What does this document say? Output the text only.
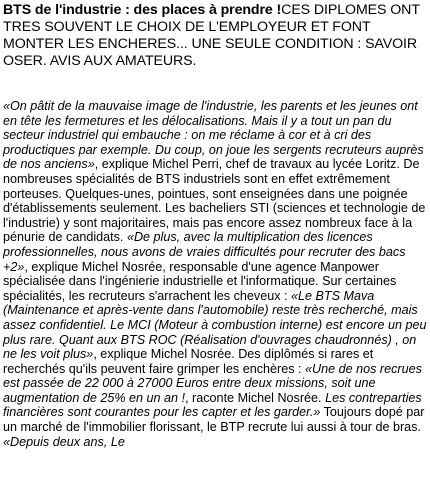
BTS de l'industrie : des places à prendre !CES DIPLOMES ONT TRES SOUVENT LE CHOIX DE L'EMPLOYEUR ET FONT MONTER LES ENCHERES... UNE SEULE CONDITION : SAVOIR OSER. AVIS AUX AMATEURS.

«On pâtit de la mauvaise image de l'industrie, les parents et les jeunes ont en tête les fermetures et les délocalisations. Mais il y a tout un pan du secteur industriel qui embauche : on me réclame à cor et à cri des productiques par exemple. Du coup, on joue les sergents recruteurs auprès de nos anciens», explique Michel Perri, chef de travaux au lycée Loritz. De nombreuses spécialités de BTS industriels sont en effet extrêmement porteuses. Quelques-unes, pointues, sont enseignées dans une poignée d'établissements seulement. Les bacheliers STI (sciences et technologie de l'industrie) y sont majoritaires, mais pas encore assez nombreux face à la pénurie de candidats. «De plus, avec la multiplication des licences professionnelles, nous avons de vraies difficultés pour recruter des bacs +2», explique Michel Nosrée, responsable d'une agence Manpower spécialisée dans l'ingénierie industrielle et l'informatique. Sur certaines spécialités, les recruteurs s'arrachent les cheveux : «Le BTS Mava (Maintenance et après-vente dans l'automobile) reste très recherché, mais assez confidentiel. Le MCI (Moteur à combustion interne) est encore un peu plus rare. Quant aux BTS ROC (Réalisation d'ouvrages chaudronnés) , on ne les voit plus», explique Michel Nosrée. Des diplômés si rares et recherchés qu'ils peuvent faire grimper les enchères : «Une de nos recrues est passée de 22 000 à 27000 Euros entre deux missions, soit une augmentation de 25% en un an !, raconte Michel Nosrée. Les contreparties financières sont courantes pour les capter et les garder.» Toujours dopé par un marché de l'immobilier florissant, le BTP recrute lui aussi à tour de bras. «Depuis deux ans, Le
